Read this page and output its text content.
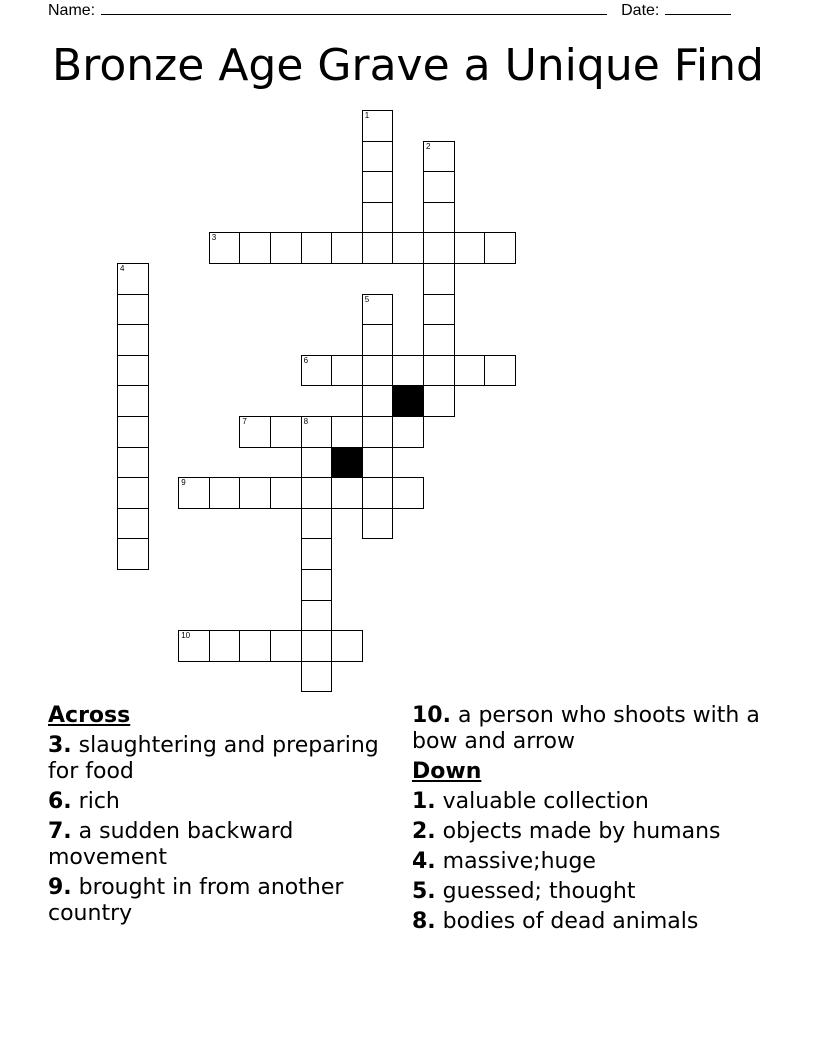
Name:	Date:
Bronze Age Grave a Unique Find
1
2
3
4
5
6
7	8
9
10
Across
3. slaughtering and preparing for food
6. rich
7. a sudden backward movement
9. brought in from another country
10. a person who shoots with a bow and arrow
Down
1. valuable collection
2. objects made by humans
4. massive;huge
5. guessed; thought
8. bodies of dead animals
